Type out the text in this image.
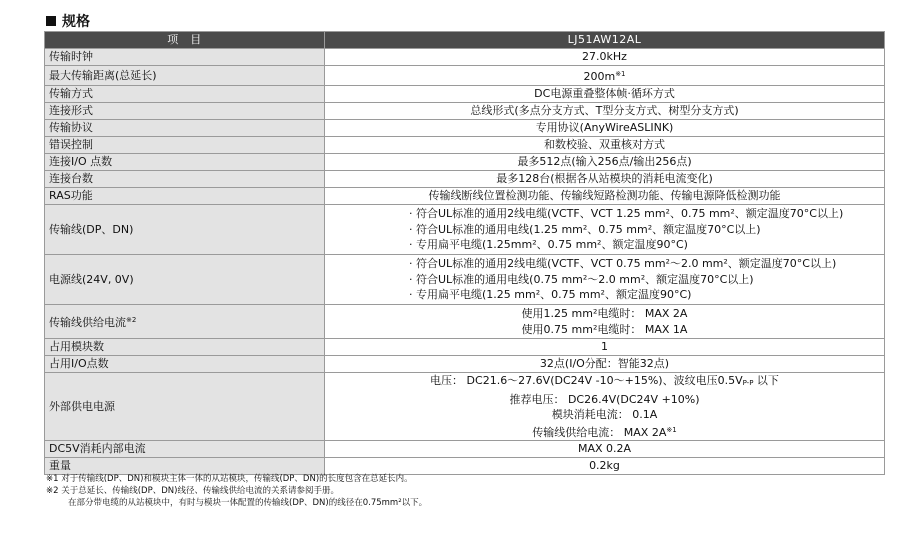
规格
项　目	LJ51AW12AL
传输时钟	27.0kHz
最大传输距离(总延长)	$200m^{※1}$
传输方式	DC电源重叠整体帧·循环方式
连接形式	总线形式(多点分支方式、T型分支方式、树型分支方式)
传输协议	专用协议(AnyWireASLINK)
错误控制	和数校验、双重核对方式
连接I/O 点数	最多512点(输入256点/输出256点)
连接台数	最多128台(根据各从站模块的消耗电流变化)
RAS功能	传输线断线位置检测功能、传输线短路检测功能、传输电源降低检测功能
传输线(DP、DN)	· 符合UL标准的通用2线电缆(VCTF、VCT 1.25 mm²、0.75 mm²、额定温度70°C以上)
· 符合UL标准的通用电线(1.25 mm²、0.75 mm²、额定温度70°C以上)
· 专用扁平电缆(1.25mm²、0.75 mm²、额定温度90°C)

电源线(24V, 0V)	· 符合UL标准的通用2线电缆(VCTF、VCT 0.75 mm²～2.0 mm²、额定温度70°C以上)
· 符合UL标准的通用电线(0.75 mm²～2.0 mm²、额定温度70°C以上)
· 专用扁平电缆(1.25 mm²、0.75 mm²、额定温度90°C)

传输线供给电流$^{※2}$	使用1.25 mm²电缆时： MAX 2A
使用0.75 mm²电缆时： MAX 1A

占用模块数	1
占用I/O点数	32点(I/O分配：智能32点)
外部供电电源	电压： DC21.6～27.6V(DC24V -10～+15%)、波纹电压$0.5V_{P-P}$ 以下
推荐电压： DC26.4V(DC24V +10%)
模块消耗电流： 0.1A
传输线供给电流： MAX $2A^{※1}$

DC5V消耗内部电流	MAX 0.2A
重量	0.2kg
※1 对于传输线(DP、DN)和模块主体一体的从站模块，传输线(DP、DN)的长度包含在总延长内。
※2 关于总延长、传输线(DP、DN)线径、传输线供给电流的关系请参阅手册。
在部分带电缆的从站模块中，有时与模块一体配置的传输线(DP、DN)的线径在0.75mm²以下。
